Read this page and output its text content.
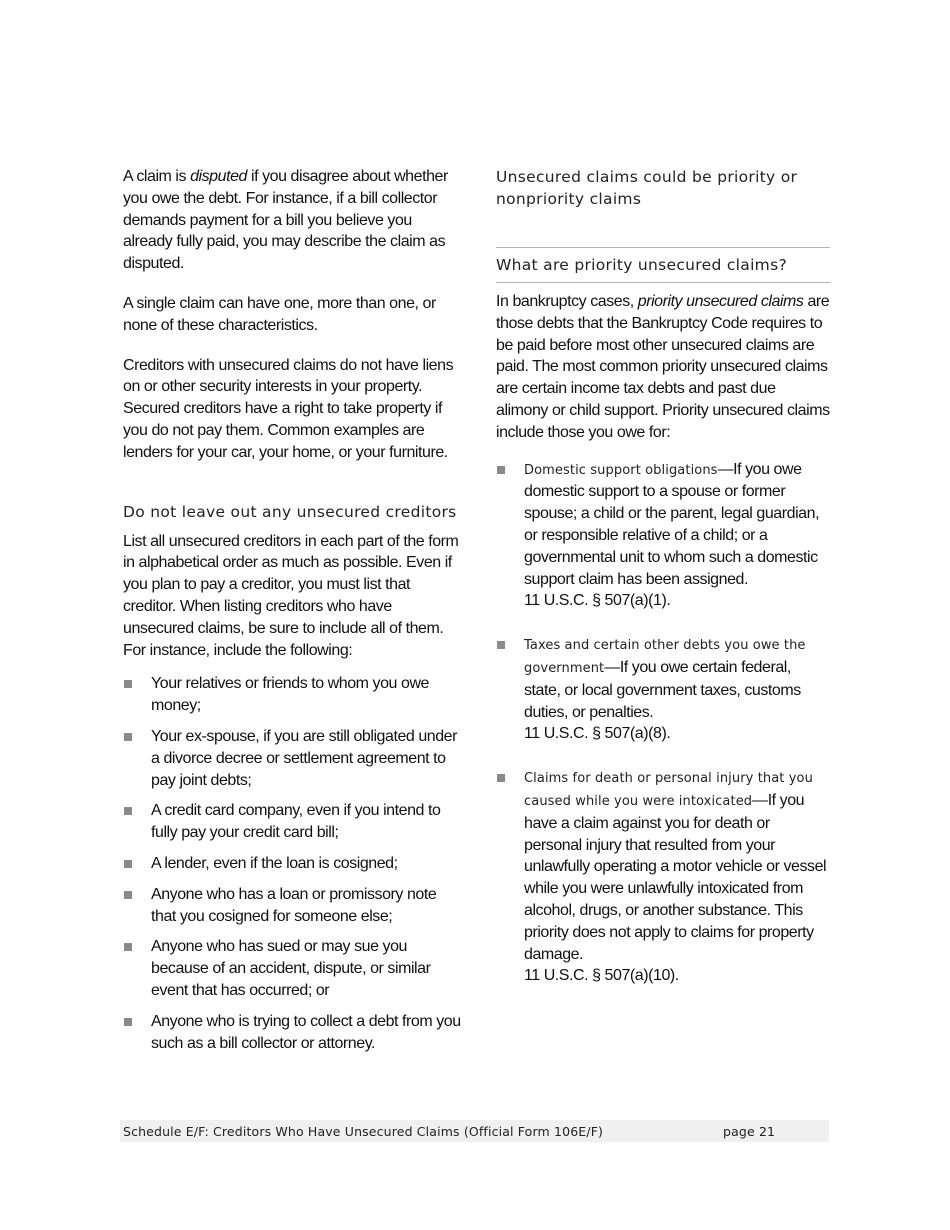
A claim is disputed if you disagree about whether you owe the debt. For instance, if a bill collector demands payment for a bill you believe you already fully paid, you may describe the claim as disputed.

A single claim can have one, more than one, or none of these characteristics.

Creditors with unsecured claims do not have liens on or other security interests in your property. Secured creditors have a right to take property if you do not pay them. Common examples are lenders for your car, your home, or your furniture.

Do not leave out any unsecured creditors

List all unsecured creditors in each part of the form in alphabetical order as much as possible. Even if you plan to pay a creditor, you must list that creditor. When listing creditors who have unsecured claims, be sure to include all of them. For instance, include the following:

Your relatives or friends to whom you owe money;
Your ex-spouse, if you are still obligated under a divorce decree or settlement agreement to pay joint debts;
A credit card company, even if you intend to fully pay your credit card bill;
A lender, even if the loan is cosigned;
Anyone who has a loan or promissory note that you cosigned for someone else;
Anyone who has sued or may sue you because of an accident, dispute, or similar event that has occurred; or
Anyone who is trying to collect a debt from you such as a bill collector or attorney.
Unsecured claims could be priority or nonpriority claims
What are priority unsecured claims?

In bankruptcy cases, priority unsecured claims are those debts that the Bankruptcy Code requires to be paid before most other unsecured claims are paid. The most common priority unsecured claims are certain income tax debts and past due alimony or child support. Priority unsecured claims include those you owe for:

Domestic support obligations—If you owe domestic support to a spouse or former spouse; a child or the parent, legal guardian, or responsible relative of a child; or a governmental unit to whom such a domestic support claim has been assigned.
11 U.S.C. § 507(a)(1).
Taxes and certain other debts you owe the government—If you owe certain federal, state, or local government taxes, customs duties, or penalties.
11 U.S.C. § 507(a)(8).
Claims for death or personal injury that you caused while you were intoxicated—If you have a claim against you for death or personal injury that resulted from your unlawfully operating a motor vehicle or vessel while you were unlawfully intoxicated from alcohol, drugs, or another substance. This priority does not apply to claims for property damage.
11 U.S.C. § 507(a)(10).
Schedule E/F: Creditors Who Have Unsecured Claims (Official Form 106E/F)	page 21
